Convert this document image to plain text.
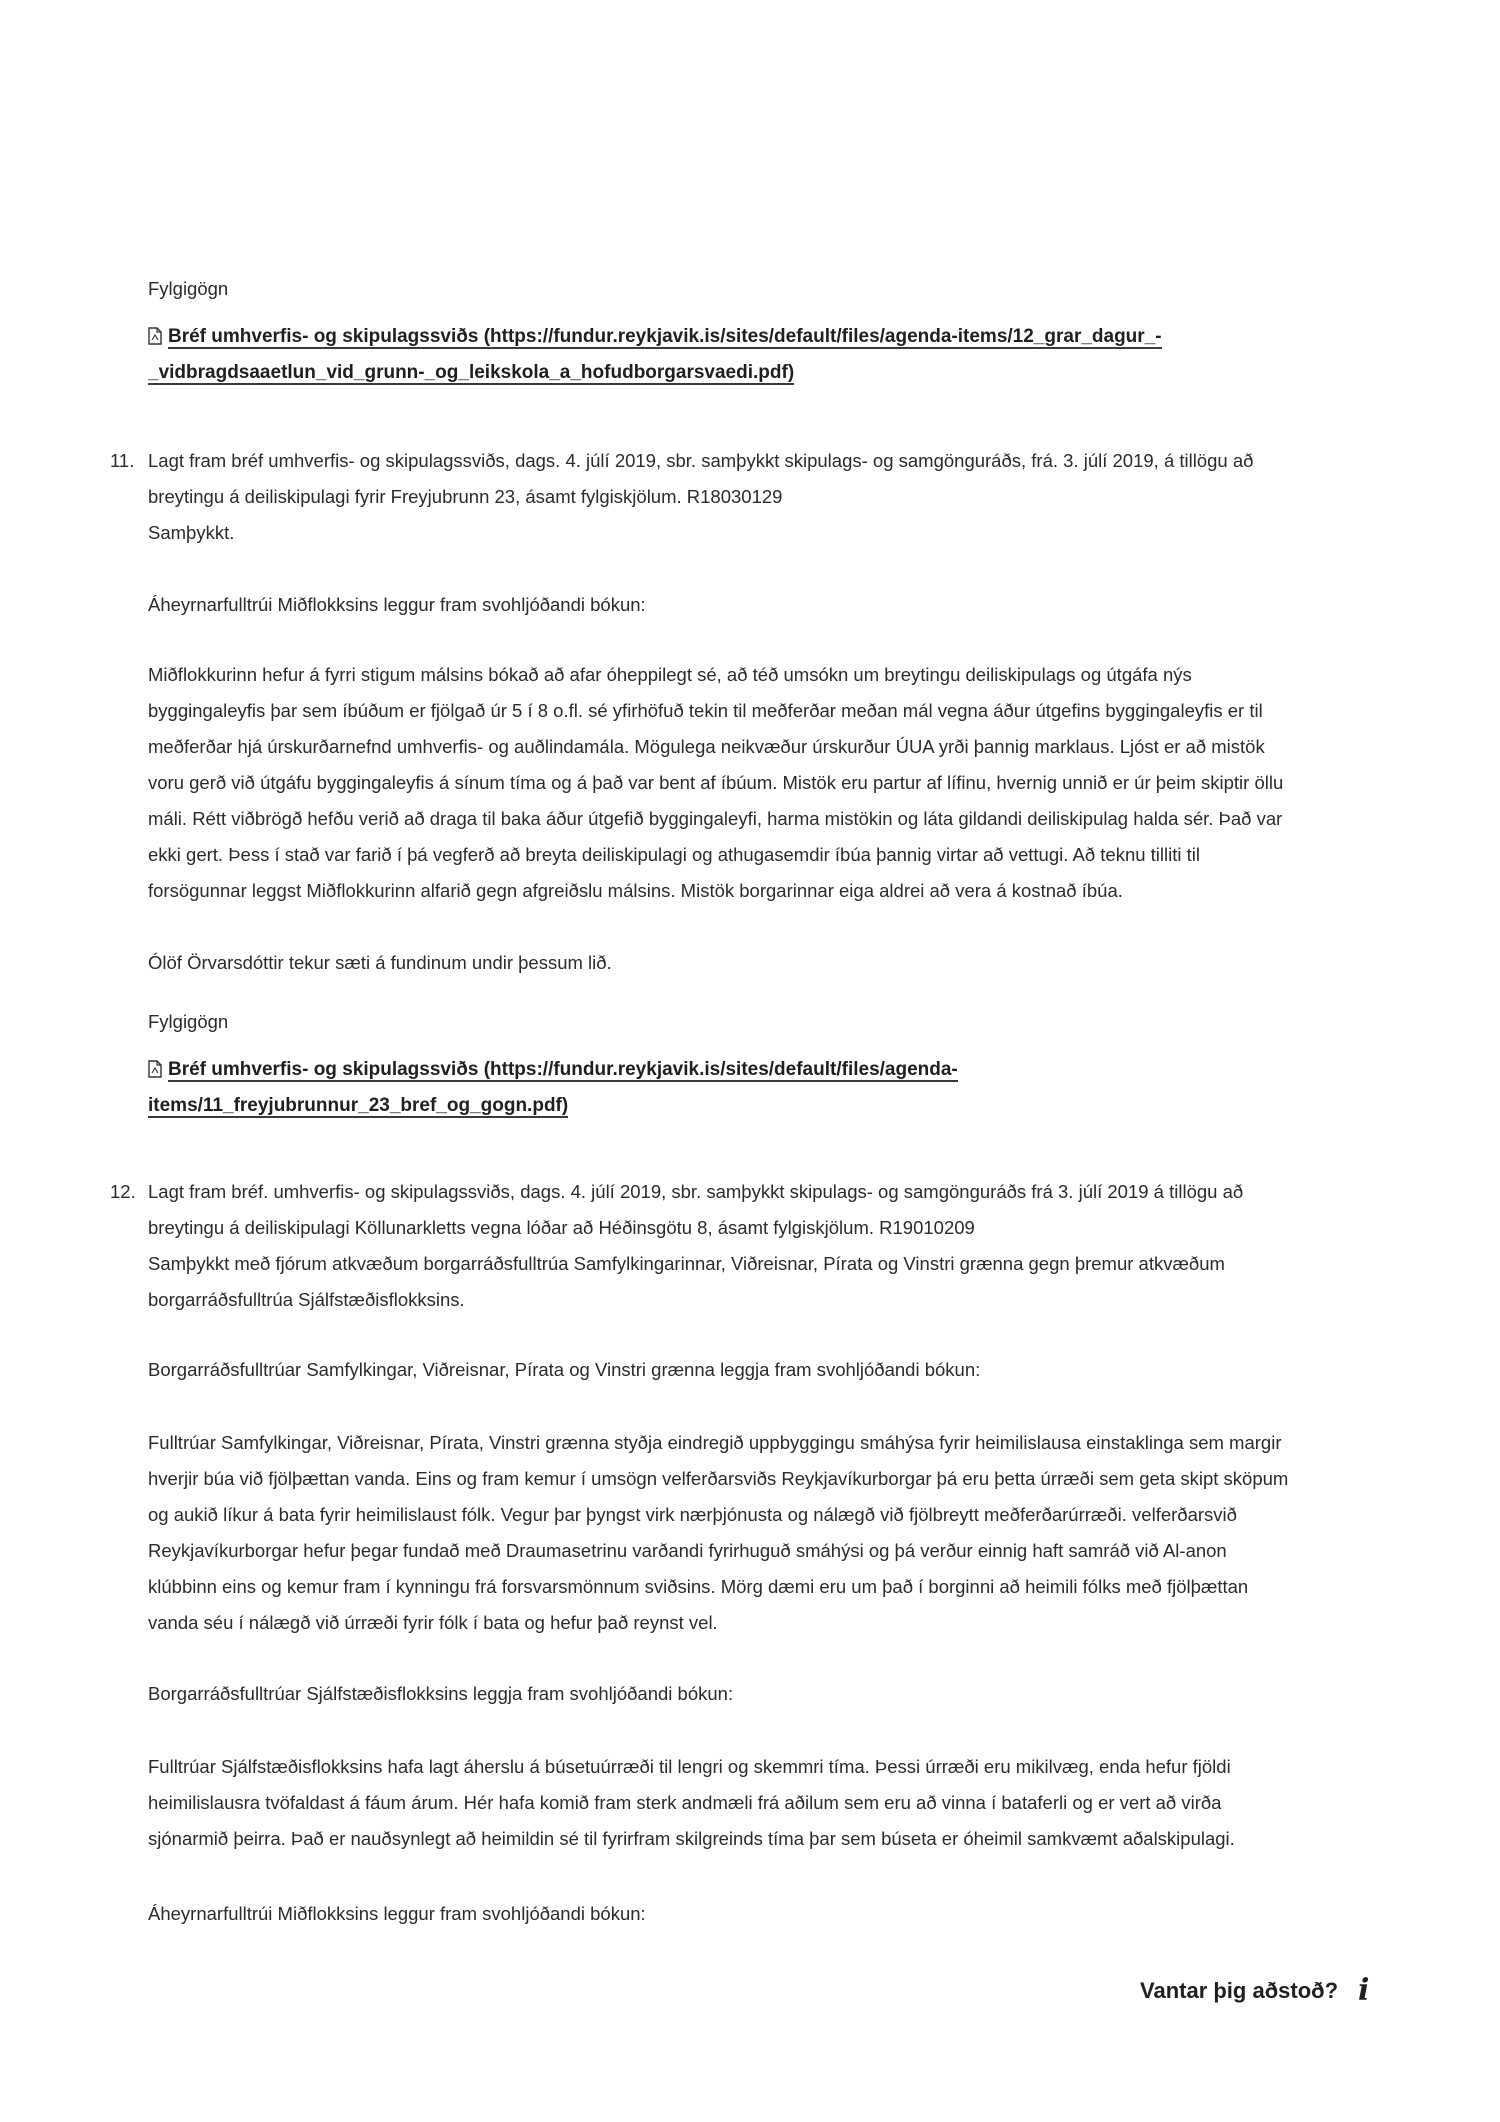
Fylgigögn
Bréf umhverfis- og skipulagssviðs (https://fundur.reykjavik.is/sites/default/files/agenda-items/12_grar_dagur_-
_vidbragdsaaetlun_vid_grunn-_og_leikskola_a_hofudborgarsvaedi.pdf)
11. Lagt fram bréf umhverfis- og skipulagssviðs, dags. 4. júlí 2019, sbr. samþykkt skipulags- og samgönguráðs, frá. 3. júlí 2019, á tillögu að
breytingu á deiliskipulagi fyrir Freyjubrunn 23, ásamt fylgiskjölum. R18030129
Samþykkt.
Áheyrnarfulltrúi Miðflokksins leggur fram svohljóðandi bókun:
Miðflokkurinn hefur á fyrri stigum málsins bókað að afar óheppilegt sé, að téð umsókn um breytingu deiliskipulags og útgáfa nýs
byggingaleyfis þar sem íbúðum er fjölgað úr 5 í 8 o.fl. sé yfirhöfuð tekin til meðferðar meðan mál vegna áður útgefins byggingaleyfis er til
meðferðar hjá úrskurðarnefnd umhverfis- og auðlindamála. Mögulega neikvæður úrskurður ÚUA yrði þannig marklaus. Ljóst er að mistök
voru gerð við útgáfu byggingaleyfis á sínum tíma og á það var bent af íbúum. Mistök eru partur af lífinu, hvernig unnið er úr þeim skiptir öllu
máli. Rétt viðbrögð hefðu verið að draga til baka áður útgefið byggingaleyfi, harma mistökin og láta gildandi deiliskipulag halda sér. Það var
ekki gert. Þess í stað var farið í þá vegferð að breyta deiliskipulagi og athugasemdir íbúa þannig virtar að vettugi. Að teknu tilliti til
forsögunnar leggst Miðflokkurinn alfarið gegn afgreiðslu málsins. Mistök borgarinnar eiga aldrei að vera á kostnað íbúa.
Ólöf Örvarsdóttir tekur sæti á fundinum undir þessum lið.
Fylgigögn
Bréf umhverfis- og skipulagssviðs (https://fundur.reykjavik.is/sites/default/files/agenda-
items/11_freyjubrunnur_23_bref_og_gogn.pdf)
12. Lagt fram bréf. umhverfis- og skipulagssviðs, dags. 4. júlí 2019, sbr. samþykkt skipulags- og samgönguráðs frá 3. júlí 2019 á tillögu að
breytingu á deiliskipulagi Köllunarkletts vegna lóðar að Héðinsgötu 8, ásamt fylgiskjölum. R19010209
Samþykkt með fjórum atkvæðum borgarráðsfulltrúa Samfylkingarinnar, Viðreisnar, Pírata og Vinstri grænna gegn þremur atkvæðum
borgarráðsfulltrúa Sjálfstæðisflokksins.
Borgarráðsfulltrúar Samfylkingar, Viðreisnar, Pírata og Vinstri grænna leggja fram svohljóðandi bókun:
Fulltrúar Samfylkingar, Viðreisnar, Pírata, Vinstri grænna styðja eindregið uppbyggingu smáhýsa fyrir heimilislausa einstaklinga sem margir
hverjir búa við fjölþættan vanda. Eins og fram kemur í umsögn velferðarsviðs Reykjavíkurborgar þá eru þetta úrræði sem geta skipt sköpum
og aukið líkur á bata fyrir heimilislaust fólk. Vegur þar þyngst virk nærþjónusta og nálægð við fjölbreytt meðferðarúrræði. velferðarsvið
Reykjavíkurborgar hefur þegar fundað með Draumasetrinu varðandi fyrirhuguð smáhýsi og þá verður einnig haft samráð við Al-anon
klúbbinn eins og kemur fram í kynningu frá forsvarsmönnum sviðsins. Mörg dæmi eru um það í borginni að heimili fólks með fjölþættan
vanda séu í nálægð við úrræði fyrir fólk í bata og hefur það reynst vel.
Borgarráðsfulltrúar Sjálfstæðisflokksins leggja fram svohljóðandi bókun:
Fulltrúar Sjálfstæðisflokksins hafa lagt áherslu á búsetuúrræði til lengri og skemmri tíma. Þessi úrræði eru mikilvæg, enda hefur fjöldi
heimilislausra tvöfaldast á fáum árum. Hér hafa komið fram sterk andmæli frá aðilum sem eru að vinna í bataferli og er vert að virða
sjónarmið þeirra. Það er nauðsynlegt að heimildin sé til fyrirfram skilgreinds tíma þar sem búseta er óheimil samkvæmt aðalskipulagi.
Áheyrnarfulltrúi Miðflokksins leggur fram svohljóðandi bókun:
Vantar þig aðstoð? i
